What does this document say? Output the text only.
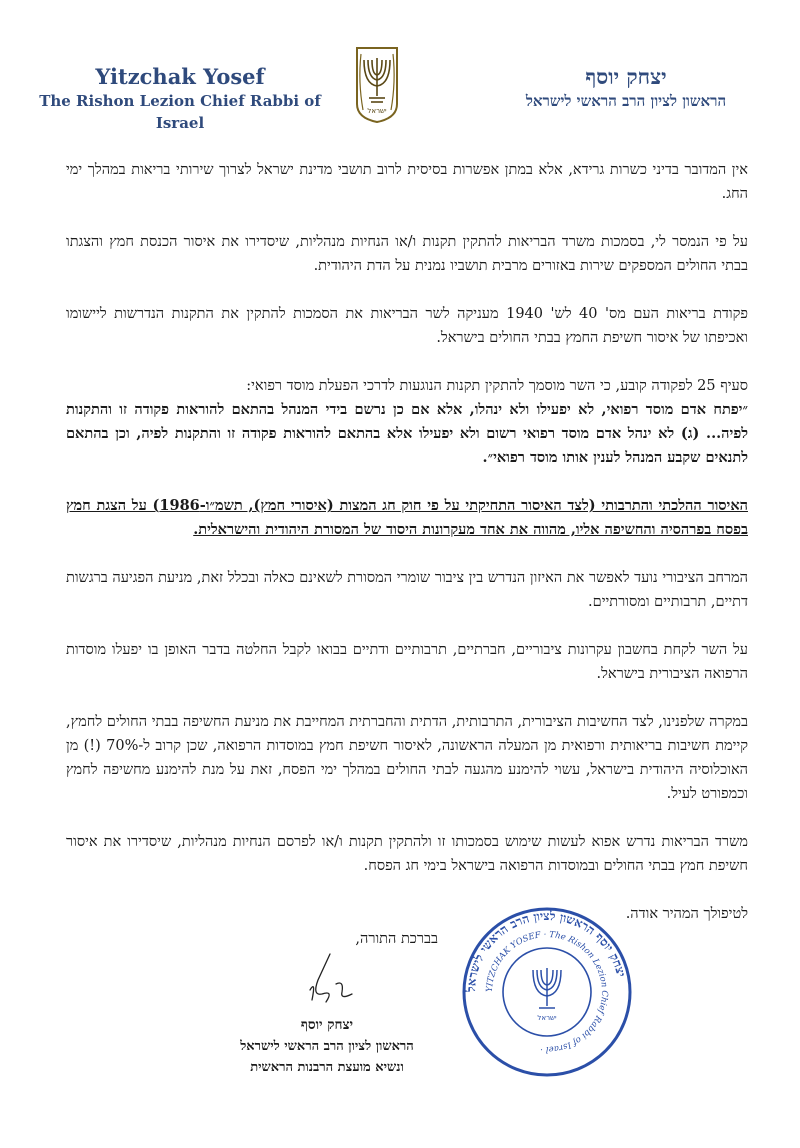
Yitzchak Yosef
The Rishon Lezion Chief Rabbi of Israel
ישראל
יצחק יוסף
הראשון לציון הרב הראשי לישראל

אין המדובר בדיני כשרות גרידא, אלא במתן אפשרות בסיסית לרוב תושבי מדינת ישראל לצרוך שירותי בריאות במהלך ימי החג.

על פי הנמסר לי, בסמכות משרד הבריאות להתקין תקנות ו/או הנחיות מנהליות, שיסדירו את איסור הכנסת חמץ והצגתו בבתי החולים המספקים שירות באזורים מרבית תושביו נמנית על הדת היהודית.

פקודת בריאות העם מס' 40 לש' 1940 מעניקה לשר הבריאות את הסמכות להתקין את התקנות הנדרשות ליישומו ואכיפתו של איסור חשיפת החמץ בבתי החולים בישראל.

סעיף 25 לפקודה קובע, כי השר מוסמך להתקין תקנות הנוגעות לדרכי הפעלת מוסד רפואי:

״יפתח אדם מוסד רפואי, לא יפעילו ולא ינהלו, אלא אם כן נרשם בידי המנהל בהתאם להוראות פקודה זו והתקנות לפיה... (ג) לא ינהל אדם מוסד רפואי רשום ולא יפעילו אלא בהתאם להוראות פקודה זו והתקנות לפיה, וכן בהתאם לתנאים שקבע המנהל לענין אותו מוסד רפואי״.

האיסור ההלכתי והתרבותי (לצד האיסור התחיקתי על פי חוק חג המצות (איסורי חמץ), תשמ״ו-1986) על הצגת חמץ בפסח בפרהסיה והחשיפה אליו, מהווה את אחד מעקרונות היסוד של המסורת היהודית והישראלית.

המרחב הציבורי נועד לאפשר את האיזון הנדרש בין ציבור שומרי המסורת לשאינם כאלה ובכלל זאת, מניעת הפגיעה ברגשות דתיים, תרבותיים ומסורתיים.

על השר לקחת בחשבון עקרונות ציבוריים, חברתיים, תרבותיים ודתיים בבואו לקבל החלטה בדבר האופן בו יפעלו מוסדות הרפואה הציבורית בישראל.

במקרה שלפנינו, לצד החשיבות הציבורית, התרבותית, הדתית והחברתית המחייבת את מניעת החשיפה בבתי החולים לחמץ, קיימת חשיבות בריאותית ורפואית מן המעלה הראשונה, לאיסור חשיפת חמץ במוסדות הרפואה, שכן קרוב ל-70% (!) מן האוכלוסיה היהודית בישראל, עשוי להימנע מהגעה לבתי החולים במהלך ימי הפסח, זאת על מנת להימנע מחשיפה לחמץ וכמפורט לעיל.

משרד הבריאות נדרש אפוא לעשות שימוש בסמכותו זו ולהתקין תקנות ו/או לפרסם הנחיות מנהליות, שיסדירו את איסור חשיפת חמץ בבתי החולים ובמוסדות הרפואה בישראל בימי חג הפסח.

לטיפולך המהיר אודה.

בברכת התורה,
יצחק יוסף
הראשון לציון הרב הראשי לישראל
ונשיא מועצת הרבנות הראשית
יצחק יוסף הראשון לציון הרב הראשי לישראל
YITZCHAK YOSEF · The Rishon Lezion Chief Rabbi of Israel ·
ישראל
